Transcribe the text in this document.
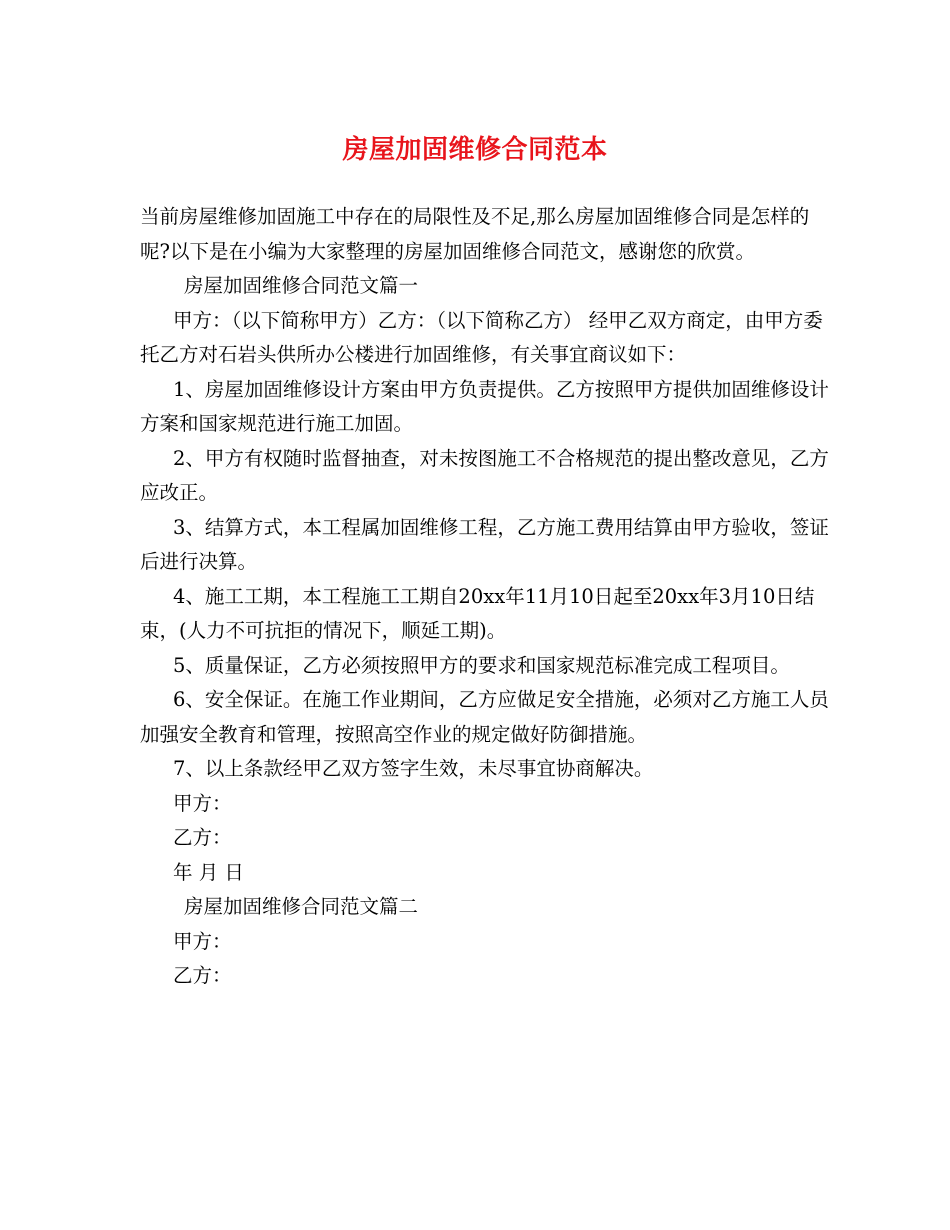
房屋加固维修合同范本

当前房屋维修加固施工中存在的局限性及不足,那么房屋加固维修合同是怎样的呢?以下是在小编为大家整理的房屋加固维修合同范文，感谢您的欣赏。

房屋加固维修合同范文篇一

甲方：（以下简称甲方）乙方：（以下简称乙方） 经甲乙双方商定，由甲方委托乙方对石岩头供所办公楼进行加固维修，有关事宜商议如下：

1、房屋加固维修设计方案由甲方负责提供。乙方按照甲方提供加固维修设计方案和国家规范进行施工加固。

2、甲方有权随时监督抽查，对未按图施工不合格规范的提出整改意见，乙方应改正。

3、结算方式，本工程属加固维修工程，乙方施工费用结算由甲方验收，签证后进行决算。

4、施工工期，本工程施工工期自20xx年11月10日起至20xx年3月10日结束，(人力不可抗拒的情况下，顺延工期)。

5、质量保证，乙方必须按照甲方的要求和国家规范标准完成工程项目。

6、安全保证。在施工作业期间，乙方应做足安全措施，必须对乙方施工人员加强安全教育和管理，按照高空作业的规定做好防御措施。

7、以上条款经甲乙双方签字生效，未尽事宜协商解决。

甲方：

乙方：

年 月 日

房屋加固维修合同范文篇二

甲方：

乙方：
